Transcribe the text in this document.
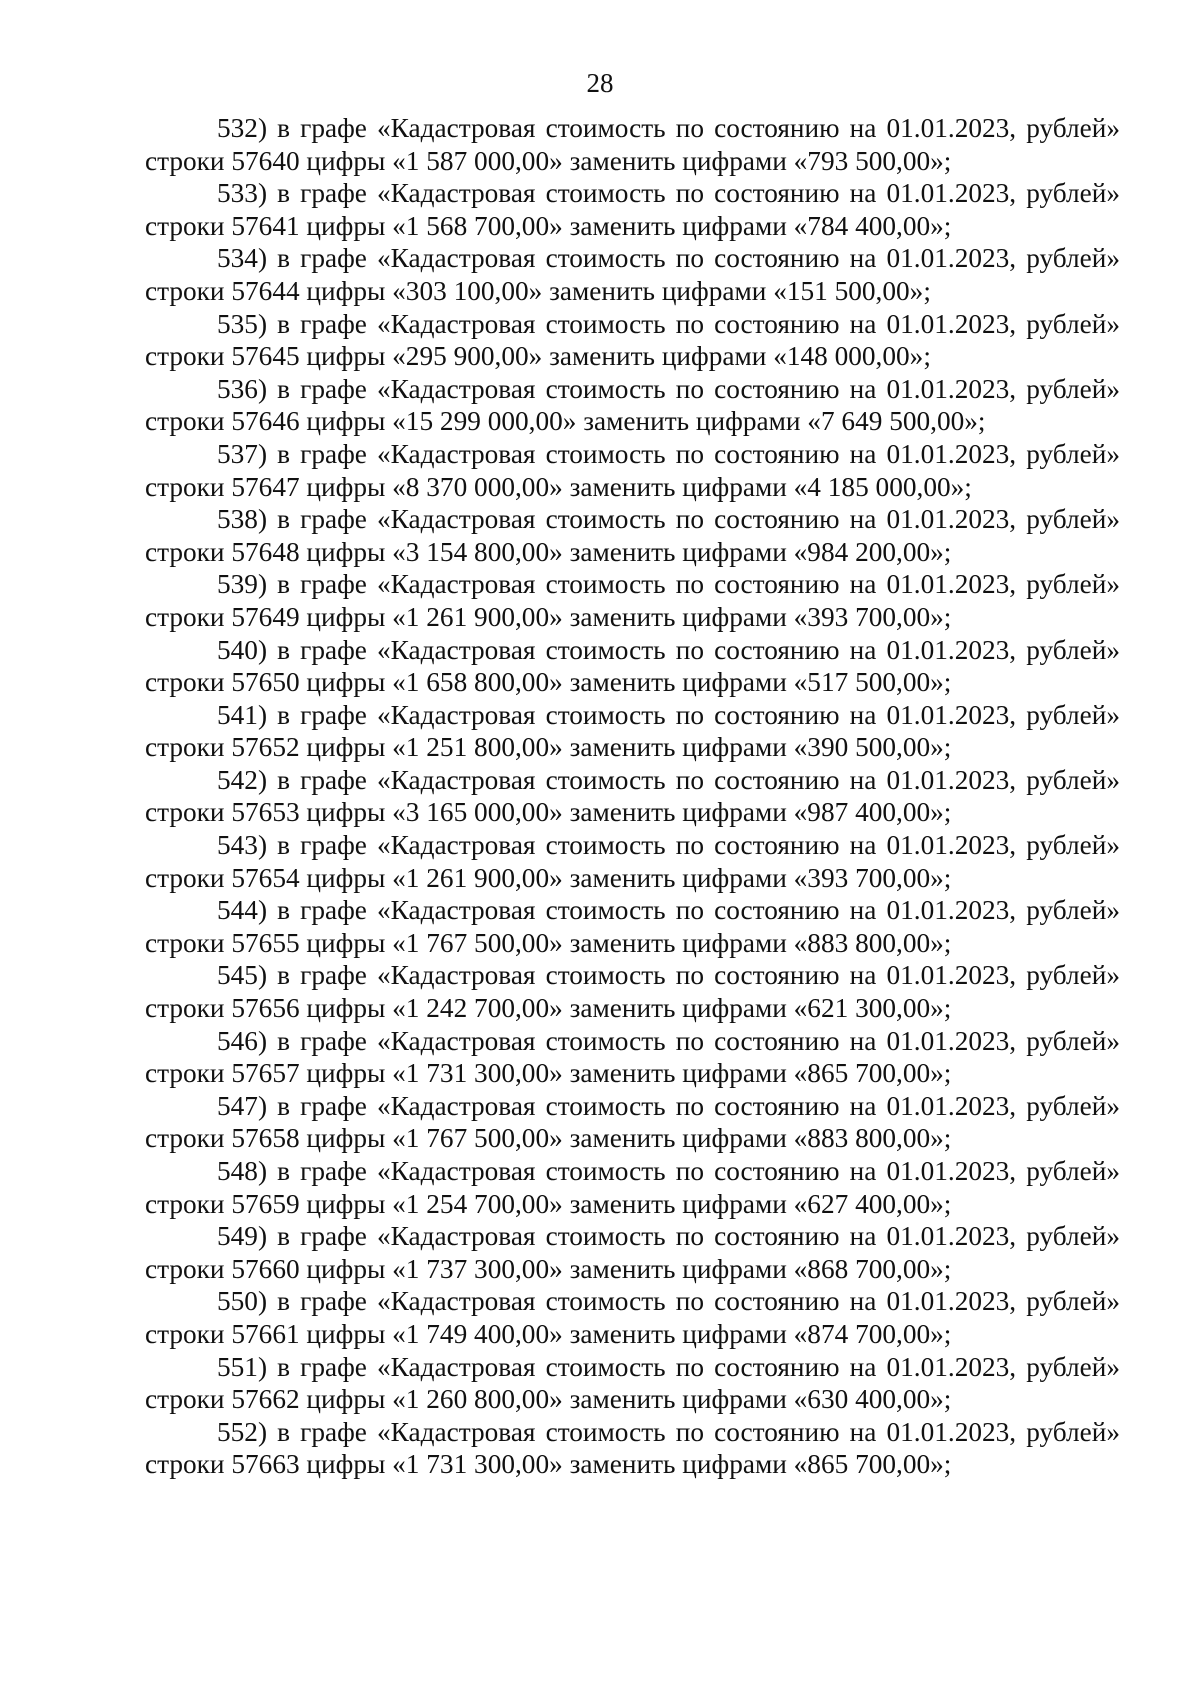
28

532) в графе «Кадастровая стоимость по состоянию на 01.01.2023, рублей» строки 57640 цифры «1 587 000,00» заменить цифрами «793 500,00»;

533) в графе «Кадастровая стоимость по состоянию на 01.01.2023, рублей» строки 57641 цифры «1 568 700,00» заменить цифрами «784 400,00»;

534) в графе «Кадастровая стоимость по состоянию на 01.01.2023, рублей» строки 57644 цифры «303 100,00» заменить цифрами «151 500,00»;

535) в графе «Кадастровая стоимость по состоянию на 01.01.2023, рублей» строки 57645 цифры «295 900,00» заменить цифрами «148 000,00»;

536) в графе «Кадастровая стоимость по состоянию на 01.01.2023, рублей» строки 57646 цифры «15 299 000,00» заменить цифрами «7 649 500,00»;

537) в графе «Кадастровая стоимость по состоянию на 01.01.2023, рублей» строки 57647 цифры «8 370 000,00» заменить цифрами «4 185 000,00»;

538) в графе «Кадастровая стоимость по состоянию на 01.01.2023, рублей» строки 57648 цифры «3 154 800,00» заменить цифрами «984 200,00»;

539) в графе «Кадастровая стоимость по состоянию на 01.01.2023, рублей» строки 57649 цифры «1 261 900,00» заменить цифрами «393 700,00»;

540) в графе «Кадастровая стоимость по состоянию на 01.01.2023, рублей» строки 57650 цифры «1 658 800,00» заменить цифрами «517 500,00»;

541) в графе «Кадастровая стоимость по состоянию на 01.01.2023, рублей» строки 57652 цифры «1 251 800,00» заменить цифрами «390 500,00»;

542) в графе «Кадастровая стоимость по состоянию на 01.01.2023, рублей» строки 57653 цифры «3 165 000,00» заменить цифрами «987 400,00»;

543) в графе «Кадастровая стоимость по состоянию на 01.01.2023, рублей» строки 57654 цифры «1 261 900,00» заменить цифрами «393 700,00»;

544) в графе «Кадастровая стоимость по состоянию на 01.01.2023, рублей» строки 57655 цифры «1 767 500,00» заменить цифрами «883 800,00»;

545) в графе «Кадастровая стоимость по состоянию на 01.01.2023, рублей» строки 57656 цифры «1 242 700,00» заменить цифрами «621 300,00»;

546) в графе «Кадастровая стоимость по состоянию на 01.01.2023, рублей» строки 57657 цифры «1 731 300,00» заменить цифрами «865 700,00»;

547) в графе «Кадастровая стоимость по состоянию на 01.01.2023, рублей» строки 57658 цифры «1 767 500,00» заменить цифрами «883 800,00»;

548) в графе «Кадастровая стоимость по состоянию на 01.01.2023, рублей» строки 57659 цифры «1 254 700,00» заменить цифрами «627 400,00»;

549) в графе «Кадастровая стоимость по состоянию на 01.01.2023, рублей» строки 57660 цифры «1 737 300,00» заменить цифрами «868 700,00»;

550) в графе «Кадастровая стоимость по состоянию на 01.01.2023, рублей» строки 57661 цифры «1 749 400,00» заменить цифрами «874 700,00»;

551) в графе «Кадастровая стоимость по состоянию на 01.01.2023, рублей» строки 57662 цифры «1 260 800,00» заменить цифрами «630 400,00»;

552) в графе «Кадастровая стоимость по состоянию на 01.01.2023, рублей» строки 57663 цифры «1 731 300,00» заменить цифрами «865 700,00»;
